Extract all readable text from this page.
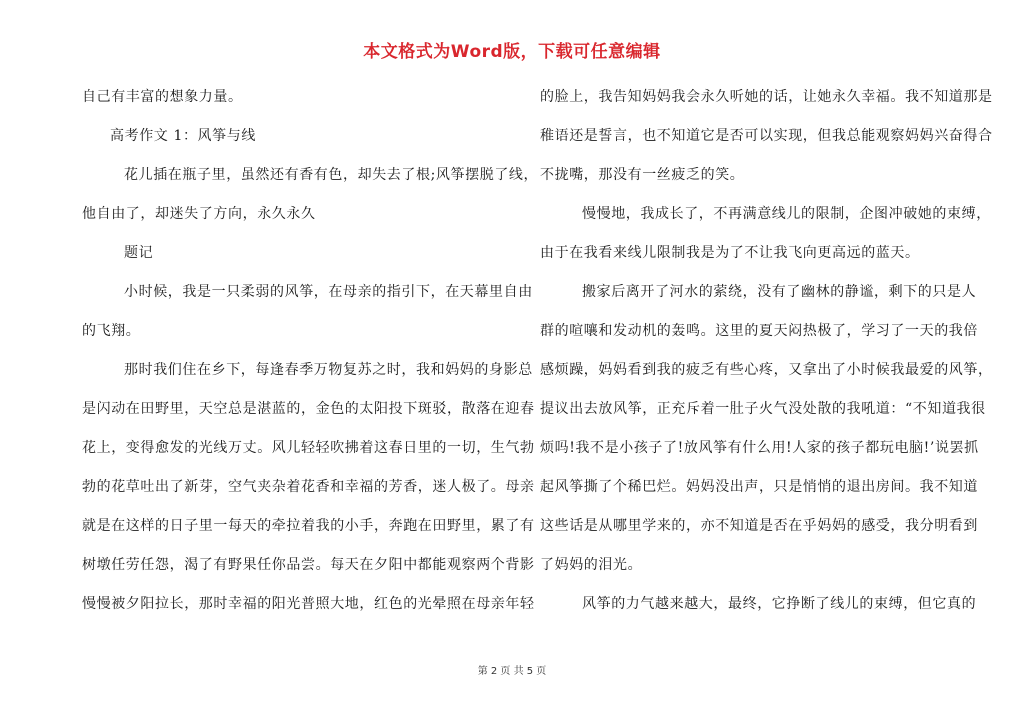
本文格式为Word版，下载可任意编辑
自己有丰富的想象力量。
高考作文 1：风筝与线
花儿插在瓶子里，虽然还有香有色，却失去了根;风筝摆脱了线，
他自由了，却迷失了方向，永久永久
题记
小时候，我是一只柔弱的风筝，在母亲的指引下，在天幕里自由
的飞翔。
那时我们住在乡下，每逢春季万物复苏之时，我和妈妈的身影总
是闪动在田野里，天空总是湛蓝的，金色的太阳投下斑驳，散落在迎春
花上，变得愈发的光线万丈。风儿轻轻吹拂着这春日里的一切，生气勃
勃的花草吐出了新芽，空气夹杂着花香和幸福的芳香，迷人极了。母亲
就是在这样的日子里一每天的牵拉着我的小手，奔跑在田野里，累了有
树墩任劳任怨，渴了有野果任你品尝。每天在夕阳中都能观察两个背影
慢慢被夕阳拉长，那时幸福的阳光普照大地，红色的光晕照在母亲年轻
的脸上，我告知妈妈我会永久听她的话，让她永久幸福。我不知道那是
稚语还是誓言，也不知道它是否可以实现，但我总能观察妈妈兴奋得合
不拢嘴，那没有一丝疲乏的笑。
慢慢地，我成长了，不再满意线儿的限制，企图冲破她的束缚，
由于在我看来线儿限制我是为了不让我飞向更高远的蓝天。
搬家后离开了河水的萦绕，没有了幽林的静谧，剩下的只是人
群的喧嚷和发动机的轰鸣。这里的夏天闷热极了，学习了一天的我倍
感烦躁，妈妈看到我的疲乏有些心疼，又拿出了小时候我最爱的风筝，
提议出去放风筝，正充斥着一肚子火气没处散的我吼道：“不知道我很
烦吗!我不是小孩子了!放风筝有什么用!人家的孩子都玩电脑!’说罢抓
起风筝撕了个稀巴烂。妈妈没出声，只是悄悄的退出房间。我不知道
这些话是从哪里学来的，亦不知道是否在乎妈妈的感受，我分明看到
了妈妈的泪光。
风筝的力气越来越大，最终，它挣断了线儿的束缚，但它真的
第 2 页 共 5 页
